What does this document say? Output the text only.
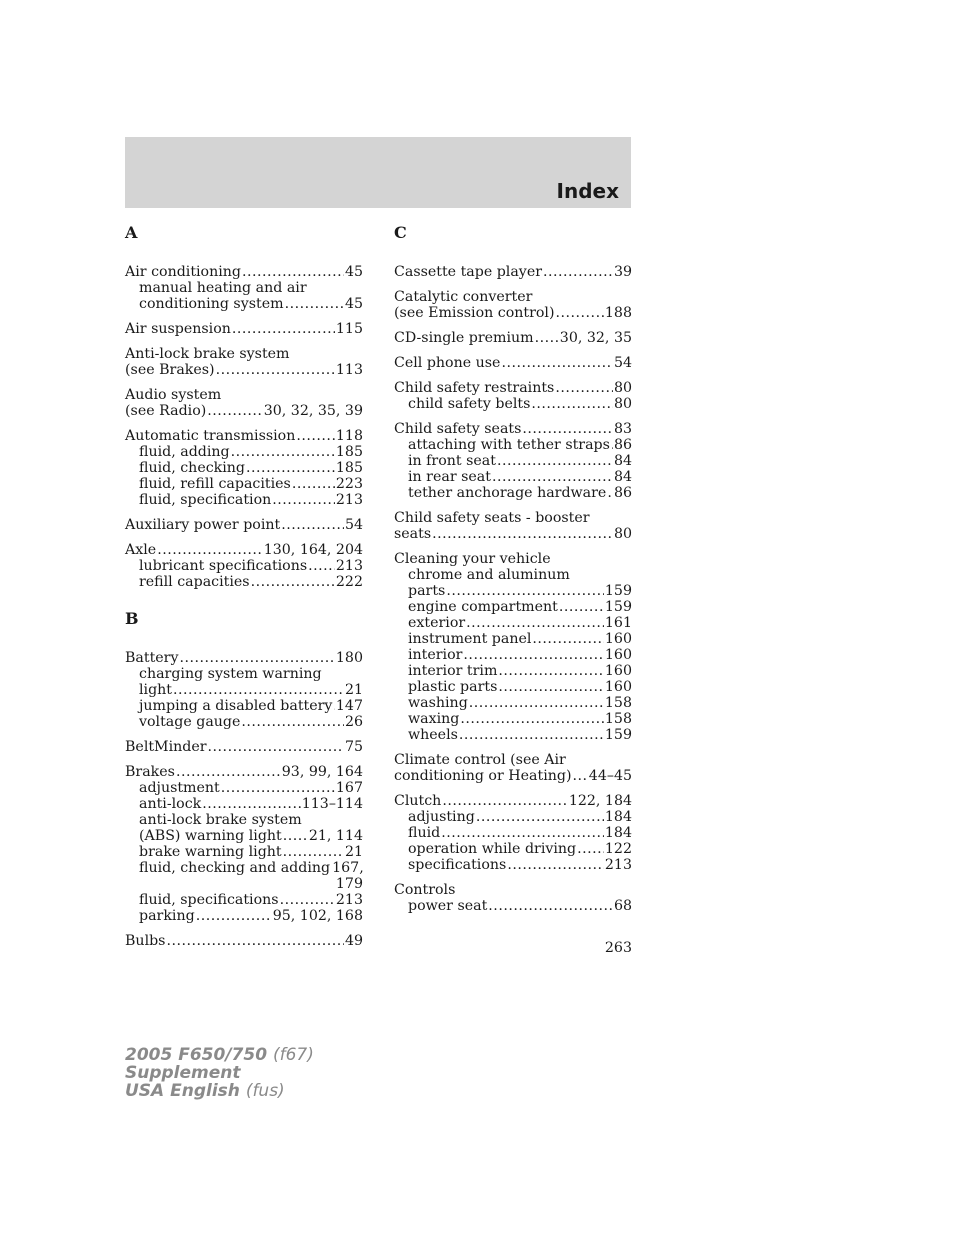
Index
A
Air conditioning .....	45
manual heating and air
conditioning system .....	45
Air suspension .....	115
Anti-lock brake system
(see Brakes) .....	113
Audio system
(see Radio) .....	30, 32, 35, 39
Automatic transmission .....	118
fluid, adding .....	185
fluid, checking .....	185
fluid, refill capacities .....	223
fluid, specification .....	213
Auxiliary power point .....	54
Axle .....	130, 164, 204
lubricant specifications ..... 213
refill capacities .....	222
B
Battery .....	180
charging system warning
light .....	21
jumping a disabled battery ..... 147
voltage gauge .....	26
BeltMinder .....	75
Brakes .....	93, 99, 164
adjustment .....	167
anti-lock .....	113–114
anti-lock brake system
(ABS) warning light ..... 21, 114
brake warning light .....	21
fluid, checking and adding 167,
179
fluid, specifications .....	213
parking .....	95, 102, 168
Bulbs .....	49
C
Cassette tape player .....	39
Catalytic converter
(see Emission control) .....	188
CD-single premium ..... 30, 32, 35
Cell phone use .....	54
Child safety restraints .....	80
child safety belts .....	80
Child safety seats .....	83
attaching with tether straps ..... 86
in front seat .....	84
in rear seat .....	84
tether anchorage hardware ..... 86
Child safety seats - booster
seats .....	80
Cleaning your vehicle
chrome and aluminum
parts .....	159
engine compartment .....	159
exterior .....	161
instrument panel .....	160
interior .....	160
interior trim .....	160
plastic parts .....	160
washing .....	158
waxing .....	158
wheels .....	159
Climate control (see Air
conditioning or Heating) ..... 44–45
Clutch .....	122, 184
adjusting .....	184
fluid .....	184
operation while driving ..... 122
specifications .....	213
Controls
power seat .....	68
263
2005 F650/750 (f67)
Supplement
USA English (fus)
